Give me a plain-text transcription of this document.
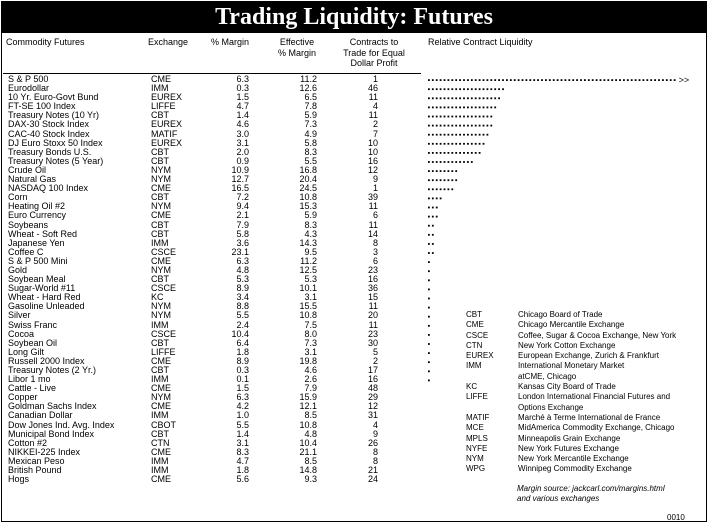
Trading Liquidity: Futures
Commodity Futures	Exchange	% Margin	Effective
% Margin
Contracts to
Trade for Equal
Dollar Profit
Relative Contract Liquidity
S & P 500	CME	6.3	11.2	1
Eurodollar	IMM	0.3	12.6	46
10 Yr. Euro-Govt Bund	EUREX	1.5	6.5	11
FT-SE 100 Index	LIFFE	4.7	7.8	4
Treasury Notes (10 Yr)	CBT	1.4	5.9	11
DAX-30 Stock Index	EUREX	4.6	7.3	2
CAC-40 Stock Index	MATIF	3.0	4.9	7
DJ Euro Stoxx 50 Index	EUREX	3.1	5.8	10
Treasury Bonds U.S.	CBT	2.0	8.3	10
Treasury Notes (5 Year)	CBT	0.9	5.5	16
Crude Oil	NYM	10.9	16.8	12
Natural Gas	NYM	12.7	20.4	9
NASDAQ 100 Index	CME	16.5	24.5	1
Corn	CBT	7.2	10.8	39
Heating Oil #2	NYM	9.4	15.3	11
Euro Currency	CME	2.1	5.9	6
Soybeans	CBT	7.9	8.3	11
Wheat - Soft Red	CBT	5.8	4.3	14
Japanese Yen	IMM	3.6	14.3	8
Coffee C	CSCE	23.1	9.5	3
S & P 500 Mini	CME	6.3	11.2	6
Gold	NYM	4.8	12.5	23
Soybean Meal	CBT	5.3	5.3	16
Sugar-World #11	CSCE	8.9	10.1	36
Wheat - Hard Red	KC	3.4	3.1	15
Gasoline Unleaded	NYM	8.8	15.5	11
Silver	NYM	5.5	10.8	20
Swiss Franc	IMM	2.4	7.5	11
Cocoa	CSCE	10.4	8.0	23
Soybean Oil	CBT	6.4	7.3	30
Long Gilt	LIFFE	1.8	3.1	5
Russell 2000 Index	CME	8.9	19.8	2
Treasury Notes (2 Yr.)	CBT	0.3	4.6	17
Libor 1 mo	IMM	0.1	2.6	16
Cattle - Live	CME	1.5	7.9	48
Copper	NYM	6.3	15.9	29
Goldman Sachs Index	CME	4.2	12.1	12
Canadian Dollar	IMM	1.0	8.5	31
Dow Jones Ind. Avg. Index	CBOT	5.5	10.8	4
Municipal Bond Index	CBT	1.4	4.8	9
Cotton #2	CTN	3.1	10.4	26
NIKKEI-225 Index	CME	8.3	21.1	8
Mexican Peso	IMM	4.7	8.5	8
British Pound	IMM	1.8	14.8	21
Hogs	CME	5.6	9.3	24
>>
CBT	Chicago Board of Trade
CME	Chicago Mercantile Exchange
CSCE	Coffee, Sugar & Cocoa Exchange, New York
CTN	New York Cotton Exchange
EUREX	European Exchange, Zurich & Frankfurt
IMM	International Monetary Market
atCME, Chicago
KC	Kansas City Board of Trade
LIFFE	London International Financial Futures and
Options Exchange
MATIF	Marché à Terme International de France
MCE	MidAmerica Commodity Exchange, Chicago
MPLS	Minneapolis Grain Exchange
NYFE	New York Futures Exchange
NYM	New York Mercantile Exchange
WPG	Winnipeg Commodity Exchange
Margin source: jackcarl.com/margins.html
and various exchanges
0010
